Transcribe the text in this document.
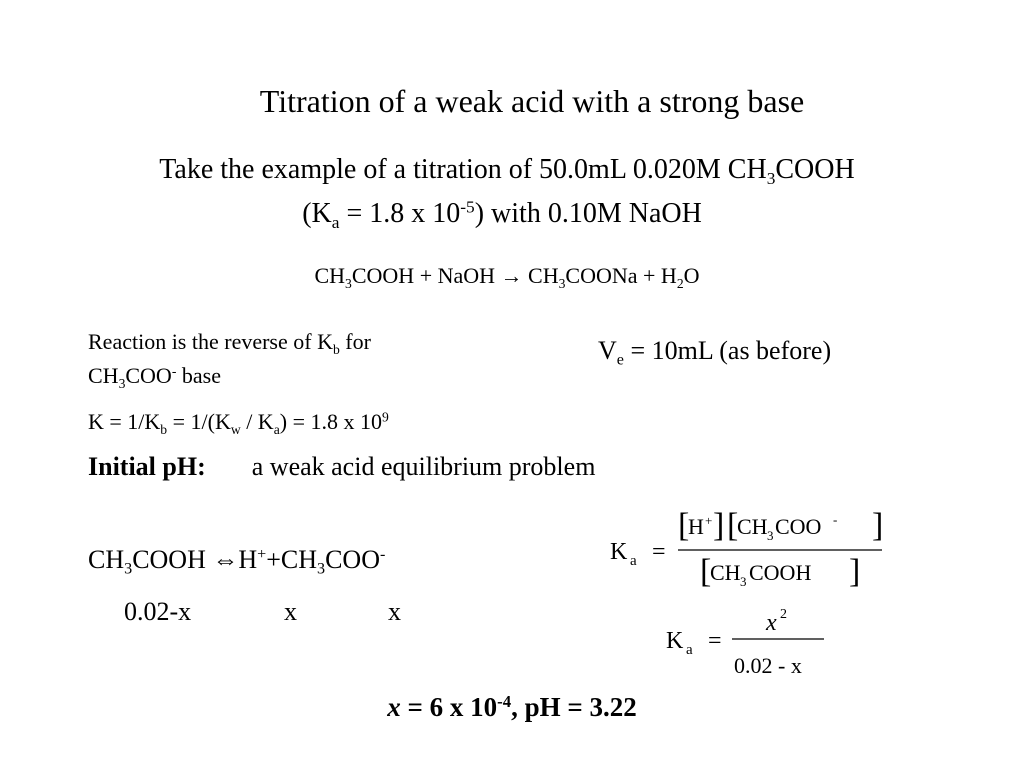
Titration of a weak acid with a strong base
Take the example of a titration of 50.0mL 0.020M $CH_3COOH$
($K_a = 1.8$ x $10^{-5}$) with 0.10M NaOH
$CH_3COOH$ + NaOH → $CH_3COONa + H_2O$
Reaction is the reverse of $K_b$ for
$CH_3COO^-$ base
$V_e = 10mL$ (as before)
$K = 1/K_b = 1/(K_w / K_a) = 1.8$ x $10^9$
Initial pH: a weak acid equilibrium problem
$CH_3COOH$ $\Leftrightarrow H^++CH_3COO^-$
0.02-x	x	x
K a =
[
H + ] [
CH 3 COO - ]
[
CH 3 COOH ]
K a =
x 2
0.02 - x
x = 6 x $10^{-4}$, pH = 3.22
